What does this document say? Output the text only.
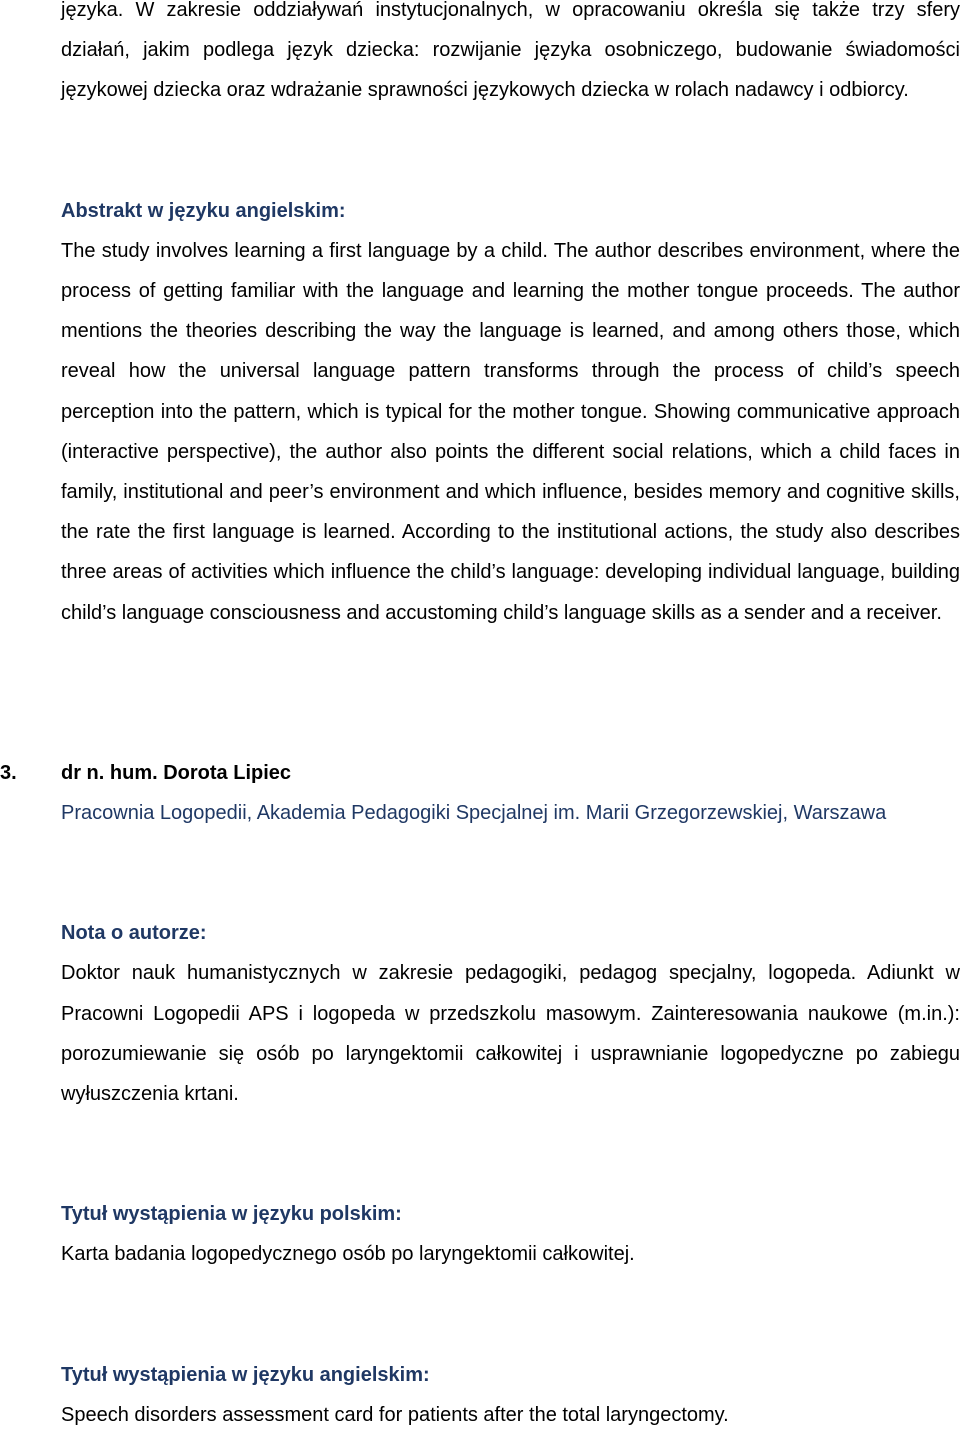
języka. W zakresie oddziaływań instytucjonalnych, w opracowaniu określa się także trzy sfery działań, jakim podlega język dziecka: rozwijanie języka osobniczego, budowanie świadomości językowej dziecka oraz wdrażanie sprawności językowych dziecka w rolach nadawcy i odbiorcy.

Abstrakt w języku angielskim:

The study involves learning a first language by a child. The author describes environment, where the process of getting familiar with the language and learning the mother tongue proceeds. The author mentions the theories describing the way the language is learned, and among others those, which reveal how the universal language pattern transforms through the process of child’s speech perception into the pattern, which is typical for the mother tongue. Showing communicative approach (interactive perspective), the author also points the different social relations, which a child faces in family, institutional and peer’s environment and which influence, besides memory and cognitive skills, the rate the first language is learned. According to the institutional actions, the study also describes three areas of activities which influence the child’s language: developing individual language, building child’s language consciousness and accustoming child’s language skills as a sender and a receiver.

3.	dr n. hum. Dorota Lipiec

Pracownia Logopedii, Akademia Pedagogiki Specjalnej im. Marii Grzegorzewskiej, Warszawa

Nota o autorze:

Doktor nauk humanistycznych w zakresie pedagogiki, pedagog specjalny, logopeda. Adiunkt w Pracowni Logopedii APS i logopeda w przedszkolu masowym. Zainteresowania naukowe (m.in.): porozumiewanie się osób po laryngektomii całkowitej i usprawnianie logopedyczne po zabiegu wyłuszczenia krtani.

Tytuł wystąpienia w języku polskim:

Karta badania logopedycznego osób po laryngektomii całkowitej.

Tytuł wystąpienia w języku angielskim:

Speech disorders assessment card for patients after the total laryngectomy.
